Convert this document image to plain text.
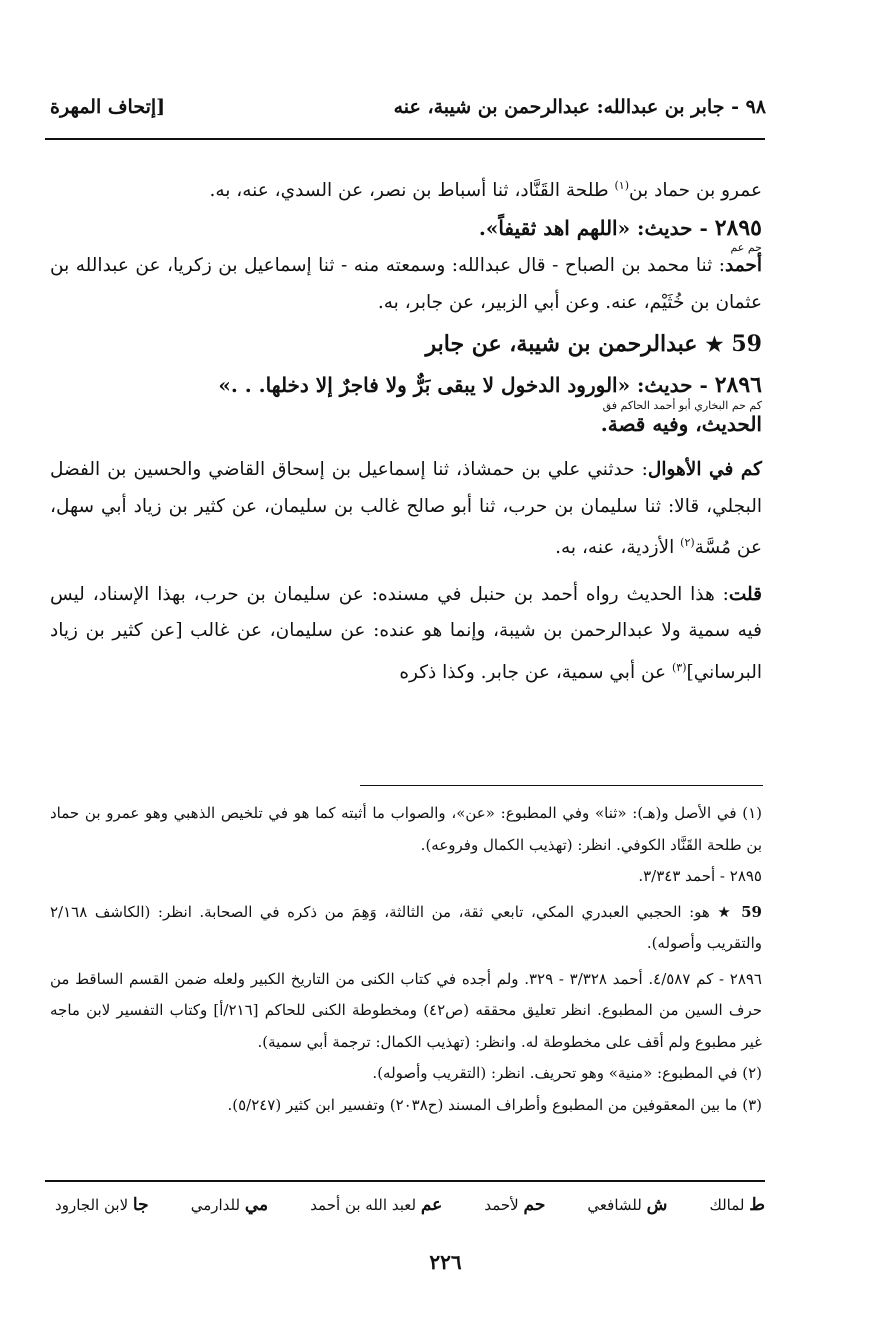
٩٨ - جابر بن عبدالله: عبدالرحمن بن شيبة، عنه
[إتحاف المهرة

عمرو بن حماد بن$^{(١)}$ طلحة القَنَّاد، ثنا أسباط بن نصر، عن السدي، عنه، به.

٢٨٩٥ - حديث: «اللهم اهد ثقيفاً».

حم عم

أحمد: ثنا محمد بن الصباح - قال عبدالله: وسمعته منه - ثنا إسماعيل بن زكريا، عن عبدالله بن عثمان بن خُثَيْم، عنه. وعن أبي الزبير، عن جابر، به.

59★عبدالرحمن بن شيبة، عن جابر

٢٨٩٦ - حديث: «الورود الدخول لا يبقى بَرٌّ ولا فاجرٌ إلا دخلها. . .»

كم حم البخاري أبو أحمد الحاكم فق

الحديث، وفيه قصة.

كم في الأهوال: حدثني علي بن حمشاذ، ثنا إسماعيل بن إسحاق القاضي والحسين بن الفضل البجلي، قالا: ثنا سليمان بن حرب، ثنا أبو صالح غالب بن سليمان، عن كثير بن زياد أبي سهل، عن مُسَّة$^{(٢)}$ الأزدية، عنه، به.

قلت: هذا الحديث رواه أحمد بن حنبل في مسنده: عن سليمان بن حرب، بهذا الإسناد، ليس فيه سمية ولا عبدالرحمن بن شيبة، وإنما هو عنده: عن سليمان، عن غالب [عن كثير بن زياد البرساني]$^{(٣)}$ عن أبي سمية، عن جابر. وكذا ذكره

(١) في الأصل و(هـ): «ثنا» وفي المطبوع: «عن»، والصواب ما أثبته كما هو في تلخيص الذهبي وهو عمرو بن حماد بن طلحة القَنَّاد الكوفي. انظر: (تهذيب الكمال وفروعه).

٢٨٩٥ - أحمد ٣/٣٤٣.

59 ★ هو: الحجبي العبدري المكي، تابعي ثقة، من الثالثة، وَهِمَ من ذكره في الصحابة. انظر: (الكاشف ٢/١٦٨ والتقريب وأصوله).

٢٨٩٦ - كم ٤/٥٨٧. أحمد ٣/٣٢٨ - ٣٢٩. ولم أجده في كتاب الكنى من التاريخ الكبير ولعله ضمن القسم الساقط من حرف السين من المطبوع. انظر تعليق محققه (ص٤٢) ومخطوطة الكنى للحاكم [٢١٦/أ] وكتاب التفسير لابن ماجه غير مطبوع ولم أقف على مخطوطة له. وانظر: (تهذيب الكمال: ترجمة أبي سمية).

(٢) في المطبوع: «منية» وهو تحريف. انظر: (التقريب وأصوله).

(٣) ما بين المعقوفين من المطبوع وأطراف المسند (ح٢٠٣٨) وتفسير ابن كثير (٥/٢٤٧).

ط لمالك
ش للشافعي
حم لأحمد
عم لعبد الله بن أحمد
مي للدارمي
جا لابن الجارود
٢٢٦
